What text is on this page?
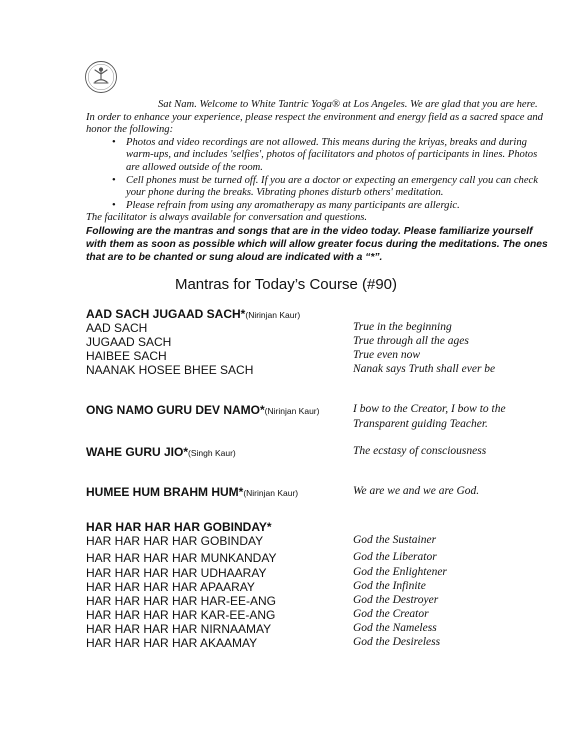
Sat Nam. Welcome to White Tantric Yoga® at Los Angeles. We are glad that you are here.

In order to enhance your experience, please respect the environment and energy field as a sacred space and honor the following:

• Photos and video recordings are not allowed. This means during the kriyas, breaks and during warm-ups, and includes 'selfies', photos of facilitators and photos of participants in lines. Photos are allowed outside of the room.
• Cell phones must be turned off. If you are a doctor or expecting an emergency call you can check your phone during the breaks. Vibrating phones disturb others' meditation.
• Please refrain from using any aromatherapy as many participants are allergic.

The facilitator is always available for conversation and questions.

Following are the mantras and songs that are in the video today. Please familiarize yourself with them as soon as possible which will allow greater focus during the meditations. The ones that are to be chanted or sung aloud are indicated with a “*”.
Mantras for Today’s Course (#90)
AAD SACH JUGAAD SACH*(Nirinjan Kaur)
AAD SACH	True in the beginning
JUGAAD SACH	True through all the ages
HAIBEE SACH	True even now
NAANAK HOSEE BHEE SACH	Nanak says Truth shall ever be
ONG NAMO GURU DEV NAMO*(Nirinjan Kaur)	I bow to the Creator, I bow to the
Transparent guiding Teacher.
WAHE GURU JIO*(Singh Kaur)	The ecstasy of consciousness
HUMEE HUM BRAHM HUM*(Nirinjan Kaur)	We are we and we are God.
HAR HAR HAR HAR GOBINDAY*
HAR HAR HAR HAR GOBINDAY	God the Sustainer
HAR HAR HAR HAR MUNKANDAY	God the Liberator
HAR HAR HAR HAR UDHAARAY	God the Enlightener
HAR HAR HAR HAR APAARAY	God the Infinite
HAR HAR HAR HAR HAR-EE-ANG	God the Destroyer
HAR HAR HAR HAR KAR-EE-ANG	God the Creator
HAR HAR HAR HAR NIRNAAMAY	God the Nameless
HAR HAR HAR HAR AKAAMAY	God the Desireless
